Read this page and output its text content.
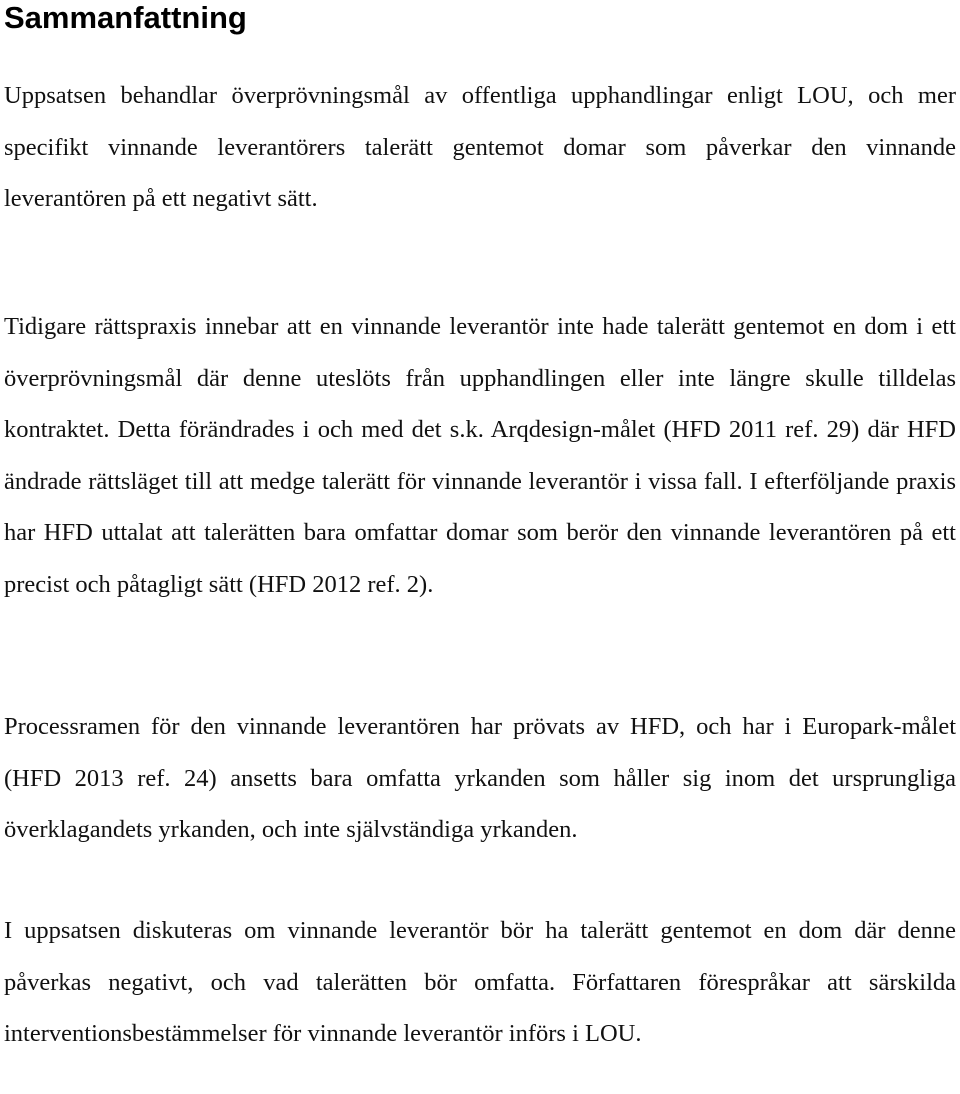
Sammanfattning

Uppsatsen behandlar överprövningsmål av offentliga upphandlingar enligt LOU, och mer specifikt vinnande leverantörers talerätt gentemot domar som påverkar den vinnande leverantören på ett negativt sätt.

Tidigare rättspraxis innebar att en vinnande leverantör inte hade talerätt gentemot en dom i ett överprövningsmål där denne uteslöts från upphandlingen eller inte längre skulle tilldelas kontraktet. Detta förändrades i och med det s.k. Arqdesign-målet (HFD 2011 ref. 29) där HFD ändrade rättsläget till att medge talerätt för vinnande leverantör i vissa fall. I efterföljande praxis har HFD uttalat att talerätten bara omfattar domar som berör den vinnande leverantören på ett precist och påtagligt sätt (HFD 2012 ref. 2).

Processramen för den vinnande leverantören har prövats av HFD, och har i Europark-målet (HFD 2013 ref. 24) ansetts bara omfatta yrkanden som håller sig inom det ursprungliga överklagandets yrkanden, och inte självständiga yrkanden.

I uppsatsen diskuteras om vinnande leverantör bör ha talerätt gentemot en dom där denne påverkas negativt, och vad talerätten bör omfatta. Författaren förespråkar att särskilda interventionsbestämmelser för vinnande leverantör införs i LOU.
